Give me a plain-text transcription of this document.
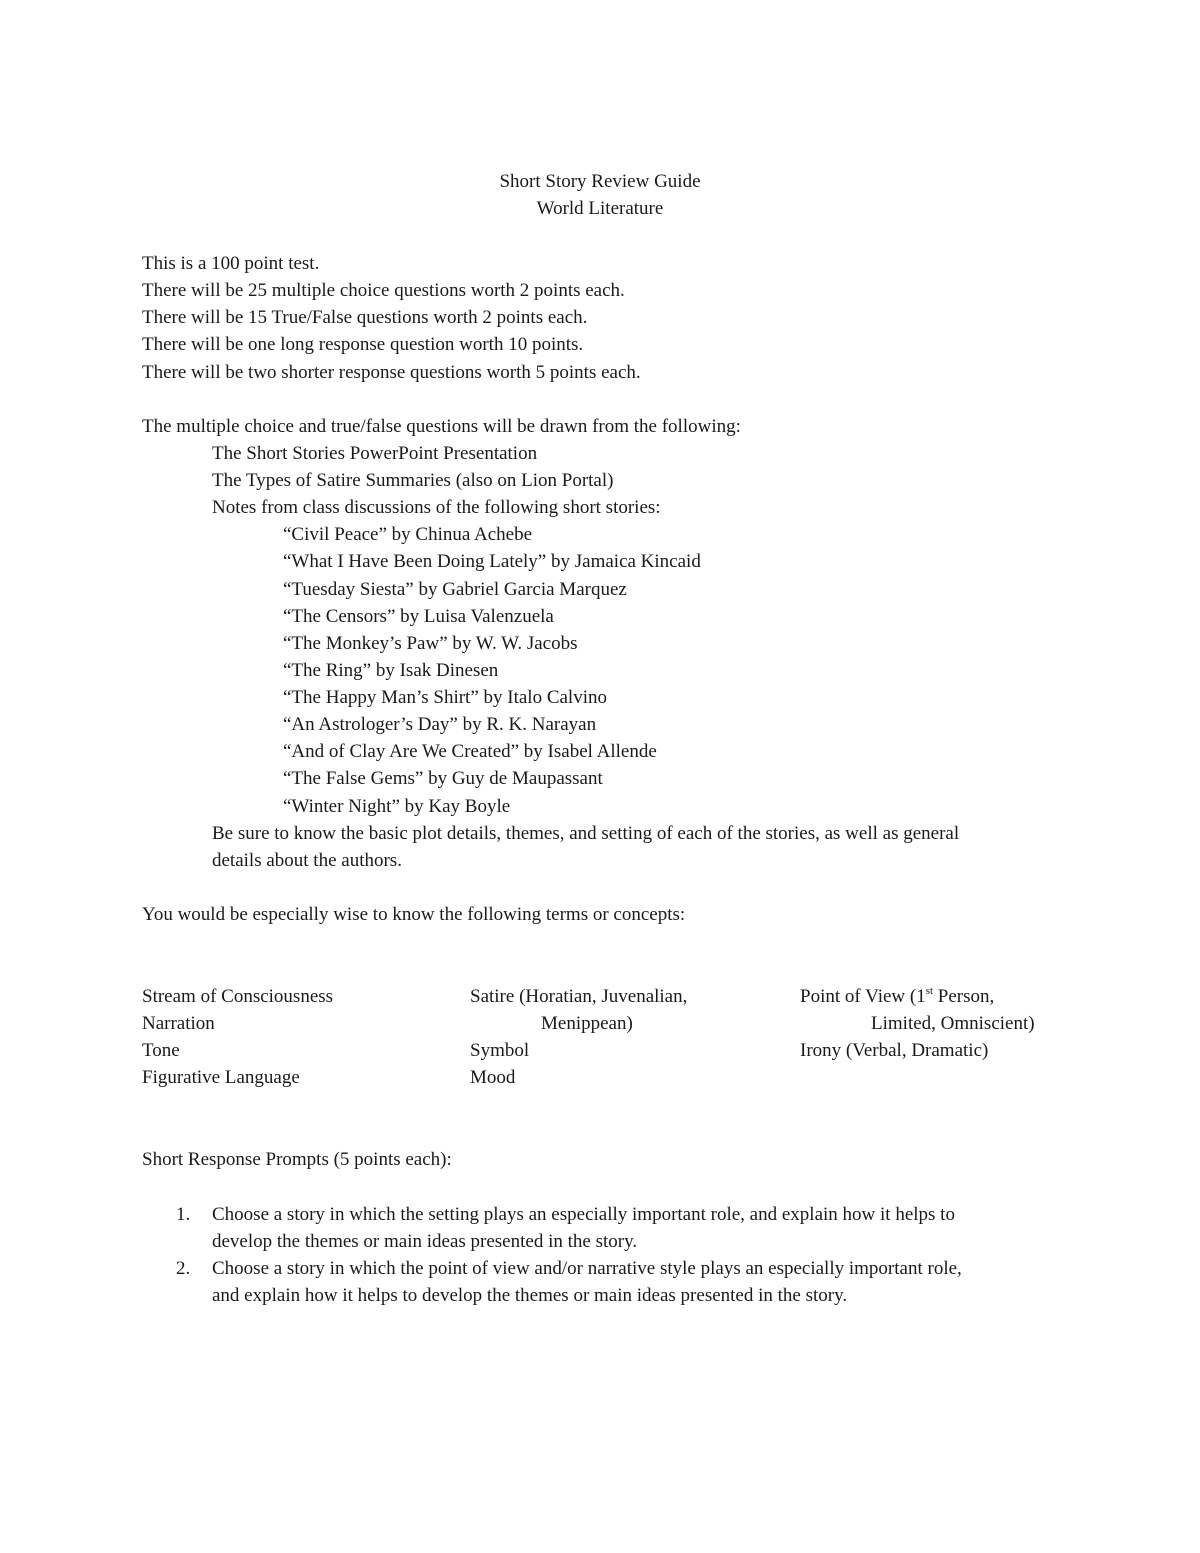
Short Story Review Guide
World Literature
This is a 100 point test.
There will be 25 multiple choice questions worth 2 points each.
There will be 15 True/False questions worth 2 points each.
There will be one long response question worth 10 points.
There will be two shorter response questions worth 5 points each.
The multiple choice and true/false questions will be drawn from the following:
The Short Stories PowerPoint Presentation
The Types of Satire Summaries (also on Lion Portal)
Notes from class discussions of the following short stories:
“Civil Peace” by Chinua Achebe
“What I Have Been Doing Lately” by Jamaica Kincaid
“Tuesday Siesta” by Gabriel Garcia Marquez
“The Censors” by Luisa Valenzuela
“The Monkey’s Paw” by W. W. Jacobs
“The Ring” by Isak Dinesen
“The Happy Man’s Shirt” by Italo Calvino
“An Astrologer’s Day” by R. K. Narayan
“And of Clay Are We Created” by Isabel Allende
“The False Gems” by Guy de Maupassant
“Winter Night” by Kay Boyle
Be sure to know the basic plot details, themes, and setting of each of the stories, as well as general
details about the authors.
You would be especially wise to know the following terms or concepts:
Stream of Consciousness
Narration
Tone
Figurative Language
Satire (Horatian, Juvenalian,
Menippean)
Symbol
Mood
Point of View (1st Person,
Limited, Omniscient)
Irony (Verbal, Dramatic)
Short Response Prompts (5 points each):
1. Choose a story in which the setting plays an especially important role, and explain how it helps to
develop the themes or main ideas presented in the story.
2. Choose a story in which the point of view and/or narrative style plays an especially important role,
and explain how it helps to develop the themes or main ideas presented in the story.
